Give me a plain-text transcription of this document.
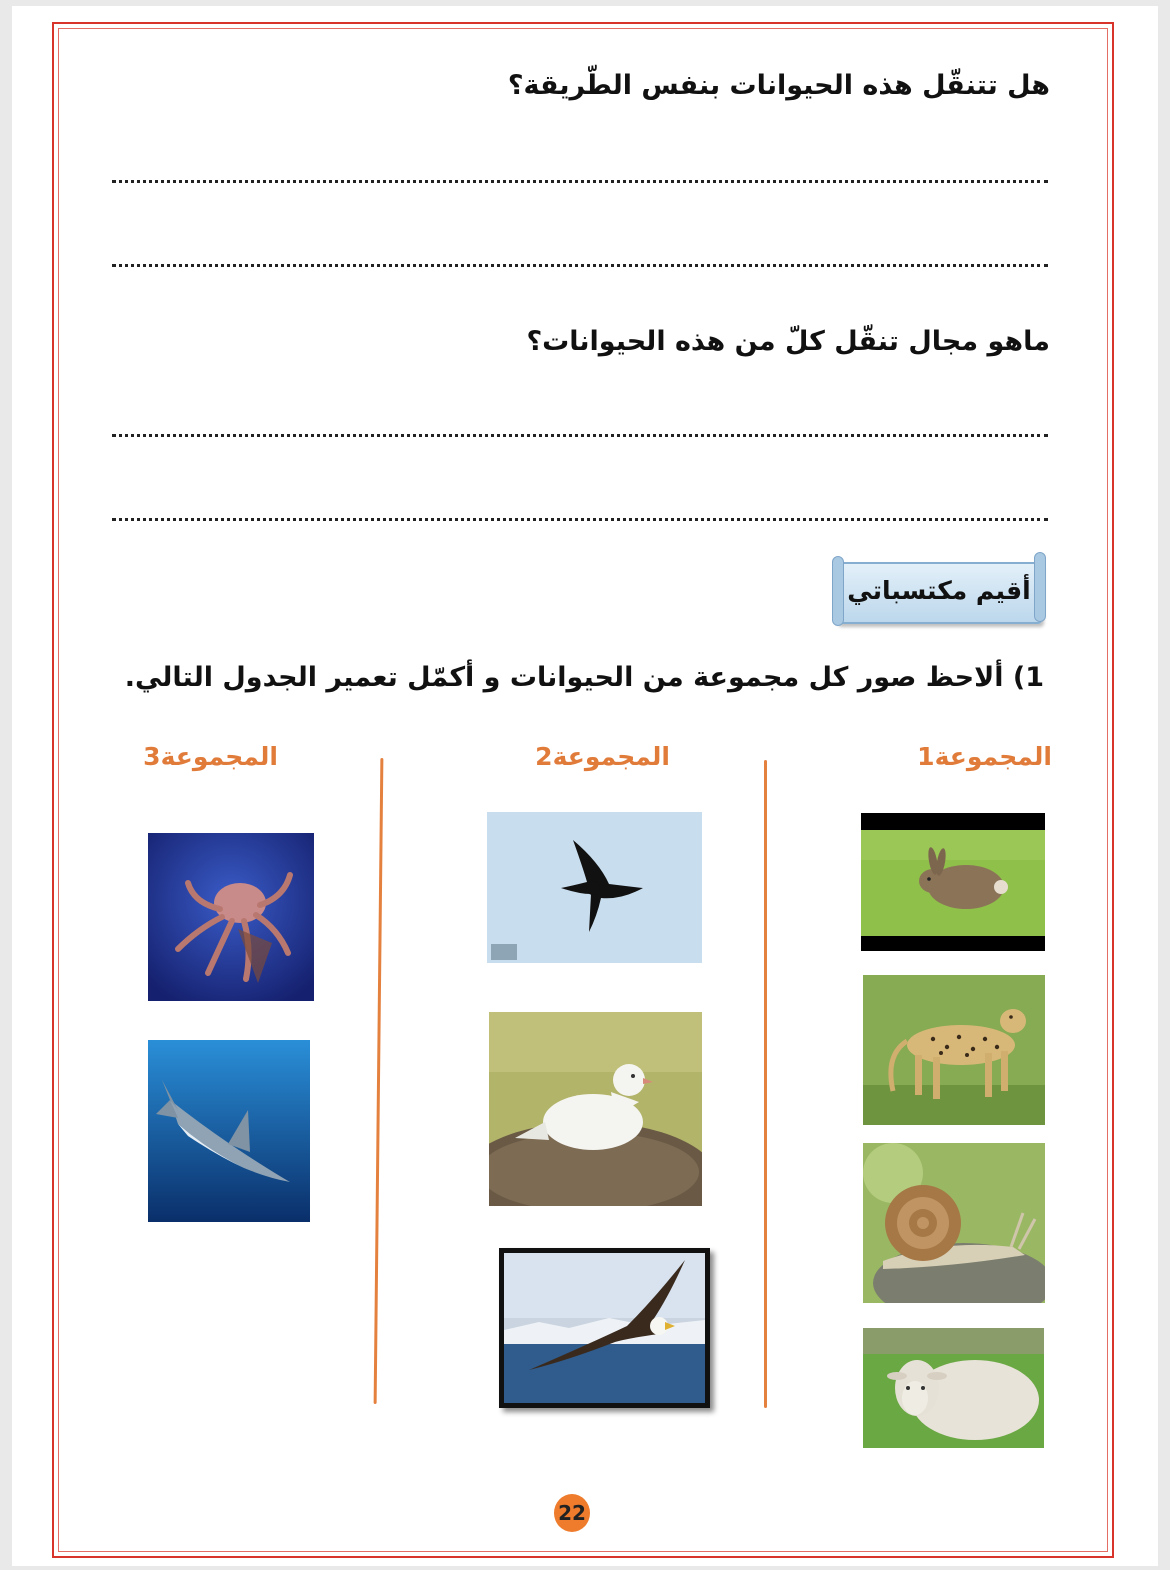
هل تتنقّل هذه الحيوانات بنفس الطّريقة؟
ماهو مجال تنقّل كلّ من هذه الحيوانات؟
أقيم مكتسباتي
1) ألاحظ صور كل مجموعة من الحيوانات و أكمّل تعمير الجدول التالي.
المجموعة1
المجموعة2
المجموعة3
22
